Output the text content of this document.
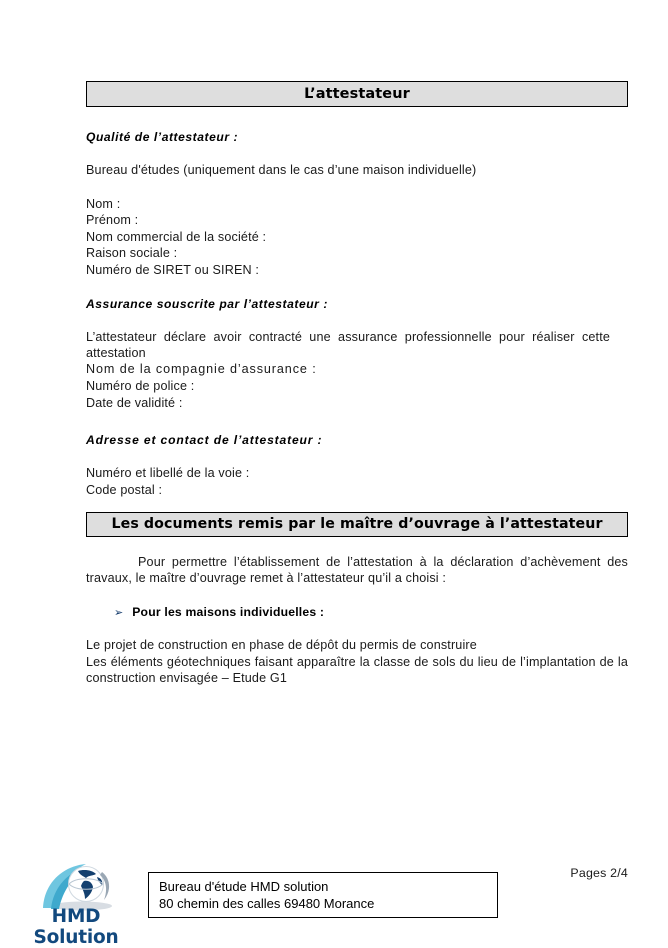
L’attestateur
Qualité de l’attestateur :
Bureau d'études (uniquement dans le cas d’une maison individuelle)
Nom :
Prénom :
Nom commercial de la société :
Raison sociale :
Numéro de SIRET ou SIREN :
Assurance souscrite par l’attestateur :
L’attestateur déclare avoir contracté une assurance professionnelle pour réaliser cette attestation
Nom de la compagnie d’assurance :
Numéro de police :
Date de validité :
Adresse et contact de l’attestateur :
Numéro et libellé de la voie :
Code postal :
Les documents remis par le maître d’ouvrage à l’attestateur
Pour permettre l’établissement de l’attestation à la déclaration d’achèvement des travaux, le maître d’ouvrage remet à l’attestateur qu’il a choisi :
➢ Pour les maisons individuelles :
Le projet de construction en phase de dépôt du permis de construire
Les éléments géotechniques faisant apparaître la classe de sols du lieu de l’implantation de la construction envisagée – Etude G1
HMD Solution
Bureau d'étude HMD solution
80 chemin des calles 69480 Morance
Pages 2/4
